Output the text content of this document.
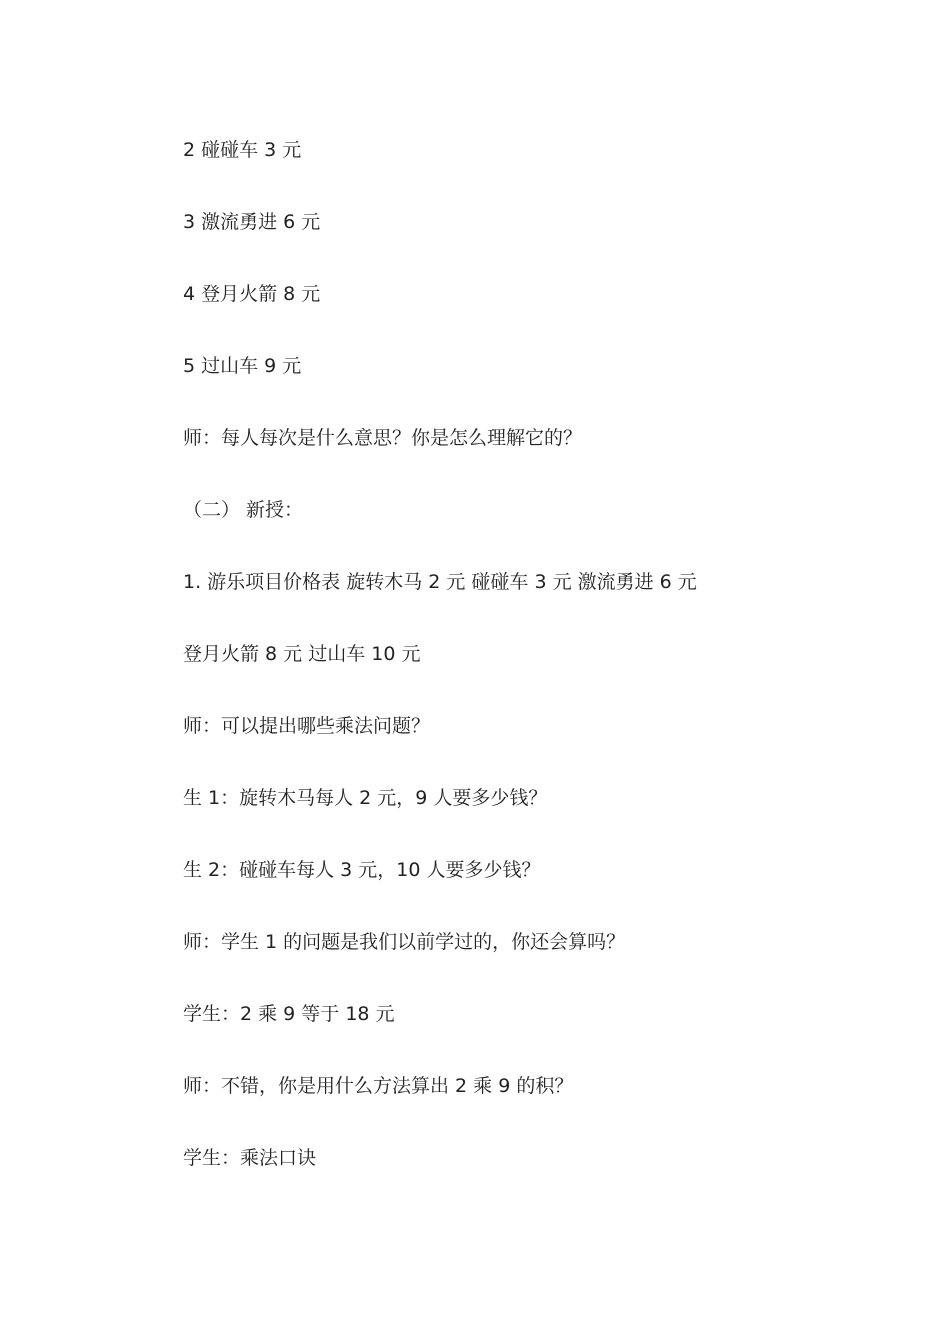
2 碰碰车 3 元

3 激流勇进 6 元

4 登月火箭 8 元

5 过山车 9 元

师：每人每次是什么意思？你是怎么理解它的？

（二） 新授：

1. 游乐项目价格表 旋转木马 2 元 碰碰车 3 元 激流勇进 6 元

登月火箭 8 元 过山车 10 元

师：可以提出哪些乘法问题？

生 1：旋转木马每人 2 元，9 人要多少钱？

生 2：碰碰车每人 3 元，10 人要多少钱？

师：学生 1 的问题是我们以前学过的，你还会算吗？

学生：2 乘 9 等于 18 元

师：不错，你是用什么方法算出 2 乘 9 的积？

学生：乘法口诀
